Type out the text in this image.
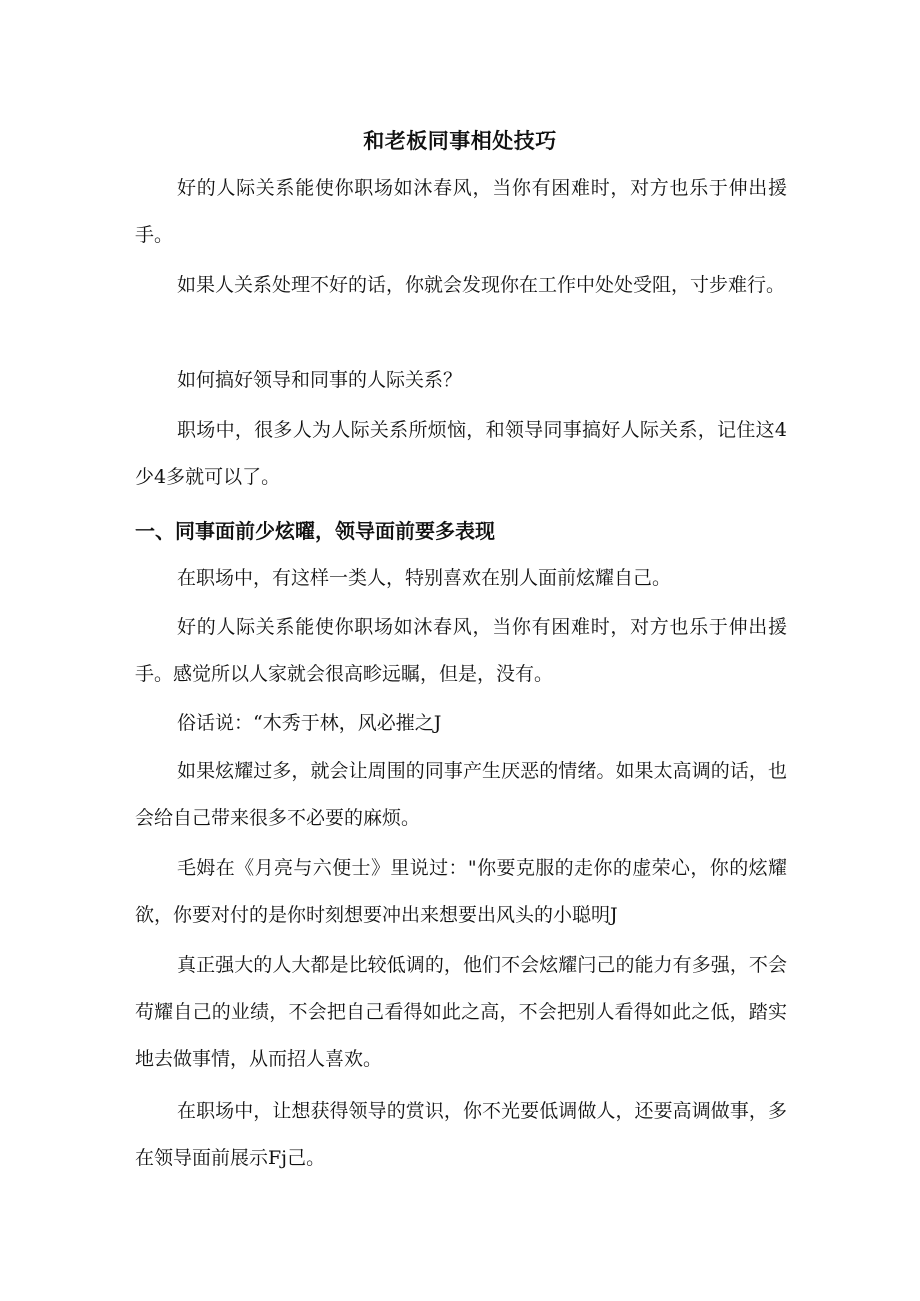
和老板同事相处技巧

好的人际关系能使你职场如沐春风，当你有困难时，对方也乐于伸出援手。

如果人关系处理不好的话，你就会发现你在工作中处处受阻，寸步难行。

如何搞好领导和同事的人际关系？

职场中，很多人为人际关系所烦恼，和领导同事搞好人际关系，记住这4少4多就可以了。

一、同事面前少炫曜，领导面前要多表现

在职场中，有这样一类人，特别喜欢在别人面前炫耀自己。

好的人际关系能使你职场如沐春风，当你有困难时，对方也乐于伸出援手。感觉所以人家就会很高畛远瞩，但是，没有。

俗话说：“木秀于林，风必摧之J

如果炫耀过多，就会让周围的同事产生厌恶的情绪。如果太高调的话，也会给自己带来很多不必要的麻烦。

毛姆在《月亮与六便士》里说过："你要克服的走你的虚荣心，你的炫耀欲，你要对付的是你时刻想要冲出来想要出风头的小聪明J

真正强大的人大都是比较低调的，他们不会炫耀闩己的能力有多强，不会苟耀自己的业绩，不会把自己看得如此之高，不会把别人看得如此之低，踏实地去做事情，从而招人喜欢。

在职场中，让想获得领导的赏识，你不光要低调做人，还要高调做事，多在领导面前展示Fj己。
